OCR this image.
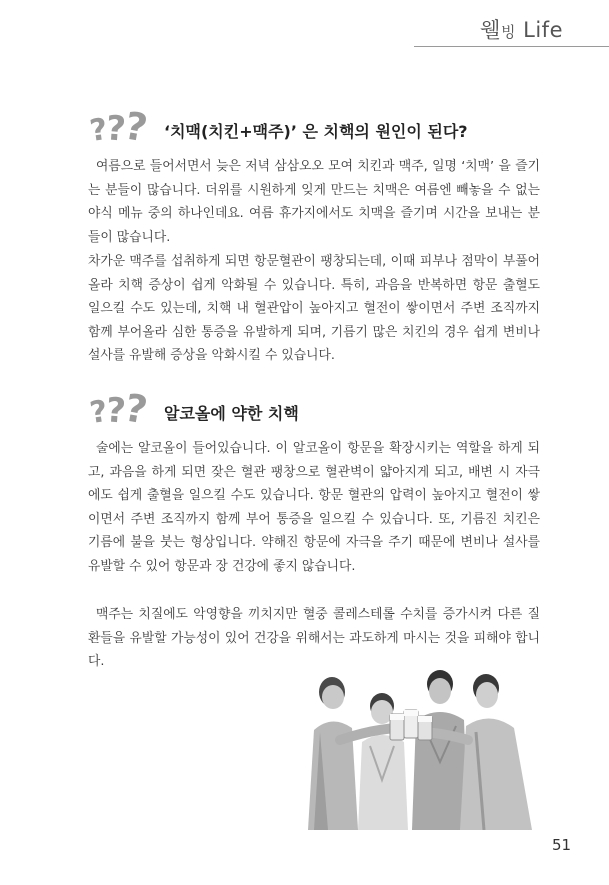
웰빙 Life
?
?
? ‘치맥(치킨+맥주)’ 은 치핵의 원인이 된다?

여름으로 들어서면서 늦은 저녁 삼삼오오 모여 치킨과 맥주, 일명 ‘치맥’ 을 즐기는 분들이 많습니다. 더위를 시원하게 잊게 만드는 치맥은 여름엔 빼놓을 수 없는 야식 메뉴 중의 하나인데요. 여름 휴가지에서도 치맥을 즐기며 시간을 보내는 분들이 많습니다.

차가운 맥주를 섭취하게 되면 항문혈관이 팽창되는데, 이때 피부나 점막이 부풀어 올라 치핵 증상이 쉽게 악화될 수 있습니다. 특히, 과음을 반복하면 항문 출혈도 일으킬 수도 있는데, 치핵 내 혈관압이 높아지고 혈전이 쌓이면서 주변 조직까지 함께 부어올라 심한 통증을 유발하게 되며, 기름기 많은 치킨의 경우 쉽게 변비나 설사를 유발해 증상을 악화시킬 수 있습니다.

?
?
? 알코올에 약한 치핵

술에는 알코올이 들어있습니다. 이 알코올이 항문을 확장시키는 역할을 하게 되고, 과음을 하게 되면 잦은 혈관 팽창으로 혈관벽이 얇아지게 되고, 배변 시 자극에도 쉽게 출혈을 일으킬 수도 있습니다. 항문 혈관의 압력이 높아지고 혈전이 쌓이면서 주변 조직까지 함께 부어 통증을 일으킬 수 있습니다. 또, 기름진 치킨은 기름에 불을 붓는 형상입니다. 약해진 항문에 자극을 주기 때문에 변비나 설사를 유발할 수 있어 항문과 장 건강에 좋지 않습니다.

맥주는 치질에도 악영향을 끼치지만 혈중 콜레스테롤 수치를 증가시켜 다른 질환들을 유발할 가능성이 있어 건강을 위해서는 과도하게 마시는 것을 피해야 합니다.

51
